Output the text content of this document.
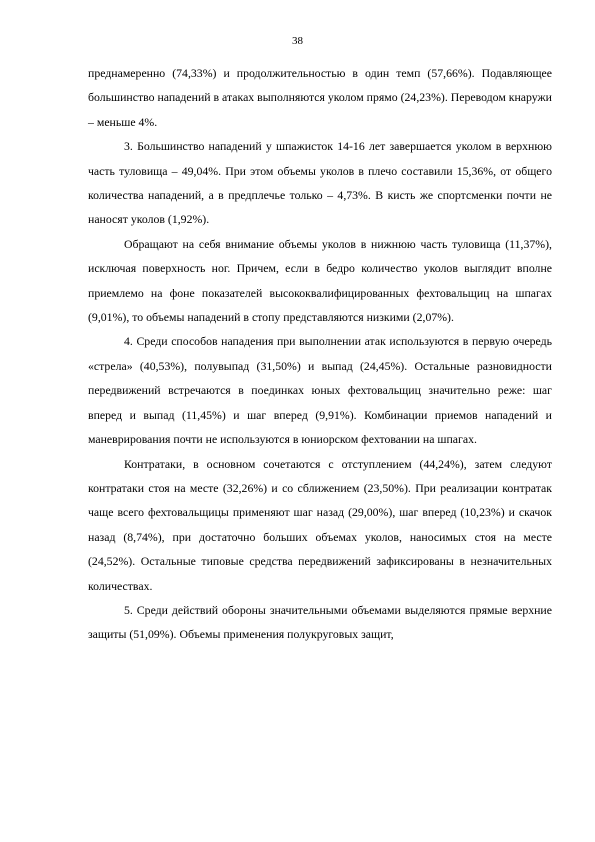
38

преднамеренно (74,33%) и продолжительностью в один темп (57,66%). Подавляющее большинство нападений в атаках выполняются уколом прямо (24,23%). Переводом кнаружи – меньше 4%.

3. Большинство нападений у шпажисток 14-16 лет завершается уколом в верхнюю часть туловища – 49,04%. При этом объемы уколов в плечо составили 15,36%, от общего количества нападений, а в предплечье только – 4,73%. В кисть же спортсменки почти не наносят уколов (1,92%).

Обращают на себя внимание объемы уколов в нижнюю часть туловища (11,37%), исключая поверхность ног. Причем, если в бедро количество уколов выглядит вполне приемлемо на фоне показателей высококвалифицированных фехтовальщиц на шпагах (9,01%), то объемы нападений в стопу представляются низкими (2,07%).

4. Среди способов нападения при выполнении атак используются в первую очередь «стрела» (40,53%), полувыпад (31,50%) и выпад (24,45%). Остальные разновидности передвижений встречаются в поединках юных фехтовальщиц значительно реже: шаг вперед и выпад (11,45%) и шаг вперед (9,91%). Комбинации приемов нападений и маневрирования почти не используются в юниорском фехтовании на шпагах.

Контратаки, в основном сочетаются с отступлением (44,24%), затем следуют контратаки стоя на месте (32,26%) и со сближением (23,50%). При реализации контратак чаще всего фехтовальщицы применяют шаг назад (29,00%), шаг вперед (10,23%) и скачок назад (8,74%), при достаточно больших объемах уколов, наносимых стоя на месте (24,52%). Остальные типовые средства передвижений зафиксированы в незначительных количествах.

5. Среди действий обороны значительными объемами выделяются прямые верхние защиты (51,09%). Объемы применения полукруговых защит,
